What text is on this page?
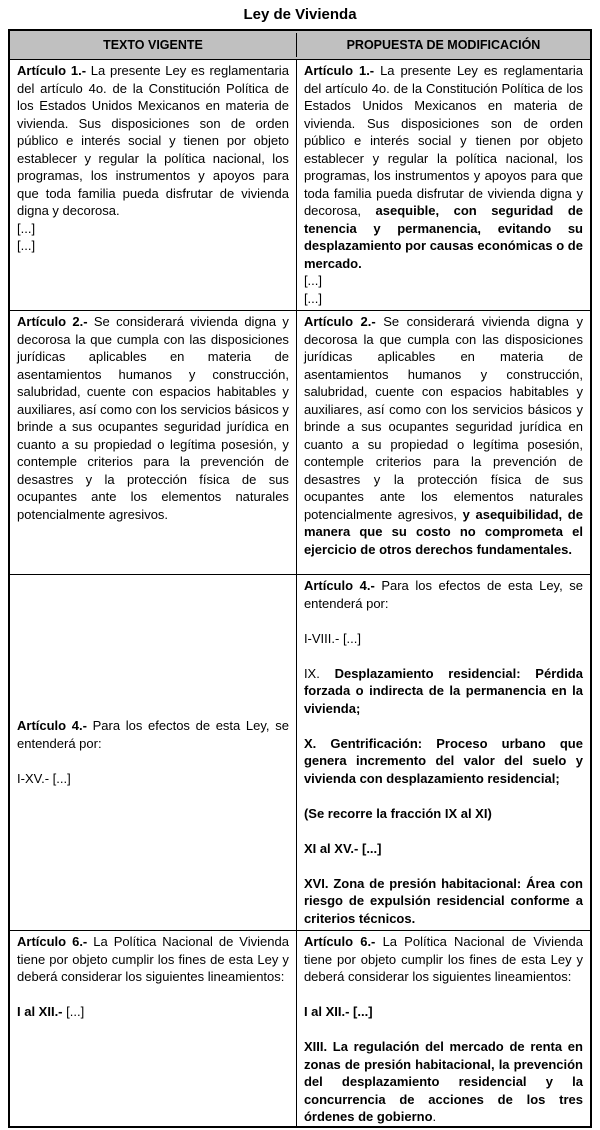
Ley de Vivienda
TEXTO VIGENTE	PROPUESTA DE MODIFICACIÓN

Artículo 1.- La presente Ley es reglamentaria del artículo 4o. de la Constitución Política de los Estados Unidos Mexicanos en materia de vivienda. Sus disposiciones son de orden público e interés social y tienen por objeto establecer y regular la política nacional, los programas, los instrumentos y apoyos para que toda familia pueda disfrutar de vivienda digna y decorosa.

[...]

[...]

Artículo 1.- La presente Ley es reglamentaria del artículo 4o. de la Constitución Política de los Estados Unidos Mexicanos en materia de vivienda. Sus disposiciones son de orden público e interés social y tienen por objeto establecer y regular la política nacional, los programas, los instrumentos y apoyos para que toda familia pueda disfrutar de vivienda digna y decorosa, asequible, con seguridad de tenencia y permanencia, evitando su desplazamiento por causas económicas o de mercado.

[...]

[...]

Artículo 2.- Se considerará vivienda digna y decorosa la que cumpla con las disposiciones jurídicas aplicables en materia de asentamientos humanos y construcción, salubridad, cuente con espacios habitables y auxiliares, así como con los servicios básicos y brinde a sus ocupantes seguridad jurídica en cuanto a su propiedad o legítima posesión, y contemple criterios para la prevención de desastres y la protección física de sus ocupantes ante los elementos naturales potencialmente agresivos.

Artículo 2.- Se considerará vivienda digna y decorosa la que cumpla con las disposiciones jurídicas aplicables en materia de asentamientos humanos y construcción, salubridad, cuente con espacios habitables y auxiliares, así como con los servicios básicos y brinde a sus ocupantes seguridad jurídica en cuanto a su propiedad o legítima posesión, contemple criterios para la prevención de desastres y la protección física de sus ocupantes ante los elementos naturales potencialmente agresivos, y asequibilidad, de manera que su costo no comprometa el ejercicio de otros derechos fundamentales.

Artículo 4.- Para los efectos de esta Ley, se entenderá por:

I-XV.- [...]

Artículo 4.- Para los efectos de esta Ley, se entenderá por:

I-VIII.- [...]

IX. Desplazamiento residencial: Pérdida forzada o indirecta de la permanencia en la vivienda;

X. Gentrificación: Proceso urbano que genera incremento del valor del suelo y vivienda con desplazamiento residencial;

(Se recorre la fracción IX al XI)

XI al XV.- [...]

XVI. Zona de presión habitacional: Área con riesgo de expulsión residencial conforme a criterios técnicos.

Artículo 6.- La Política Nacional de Vivienda tiene por objeto cumplir los fines de esta Ley y deberá considerar los siguientes lineamientos:

I al XII.- [...]

Artículo 6.- La Política Nacional de Vivienda tiene por objeto cumplir los fines de esta Ley y deberá considerar los siguientes lineamientos:

I al XII.- [...]

XIII. La regulación del mercado de renta en zonas de presión habitacional, la prevención del desplazamiento residencial y la concurrencia de acciones de los tres órdenes de gobierno.
